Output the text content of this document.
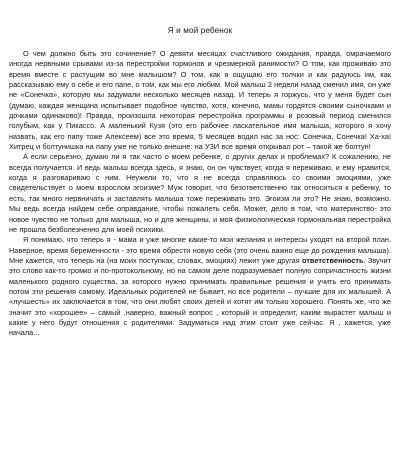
Я и мой ребенок

О чем должно быть это сочинение? О девяти месяцах счастливого ожидания, правда, омрачаемого иногда нервными срывами из-за перестройки гормонов и чрезмерной ранимости? О том, как проживаю это время вместе с растущим во мне малышом? О том, как я ощущаю его толчки и как радуюсь им, как рассказываю ему о себе и его папе, о том, как мы его любим. Мой малыш 2 недели назад сменил имя, он уже не «Сонечка», которую мы задумали несколько месяцев назад. И теперь я горжусь, что у меня будет сын (думаю, каждая женщина испытывает подобное чувство, хотя, конечно, мамы гордятся своими сыночками и дочками одинаково)! Правда, произошла некоторая перестройка программы и розовый период сменился голубым, как у Пикассо. А маленький Кузя (это его рабочее ласкательное имя малыша, которого я хочу назвать, как его папу тоже Алексеем) все это время, 5 месяцев водил нас за нос: Сонечка, Сонечка! Ха-ха! Хитрец и болтунишка на папу уже не только внешне: на УЗИ все время открывал рот – такой же болтун!

А если серьезно, думаю ли я так часто о моем ребенке, о других делах и проблемах? К сожалению, не всегда получается. И ведь малыш всегда здесь, я знаю, он он чувствует, когда я переживаю, и ему нравится, когда я разговариваю с ним. Неужели то, что я не всегда справляюсь со своими эмоциями, уже свидетельствует о моем взрослом эгоизме? Муж говорит, что безответственно так относиться к ребенку, то есть, так много нервничать и заставлять малыша тоже переживать это. Эгоизм ли это? Не знаю, возможно. Мы ведь всегда найдем себе оправдание, чтобы пожалеть себя. Может, дело в том, что материнство- это новое чувство не только для малыша, но и для женщины, и моя физиологическая гормональная перестройка не прошла безболезненно для моей психики.

Я понимаю, что теперь я - мама и уже многие какие-то мои желания и интересы уходят на второй план. Наверное, время беременности - это время обрести новую себя (это очень важно еще до рождения малыша). Мне кажется, что теперь на (на моих поступках, словах, эмоциях) лежит уже другая ответственность. Звучит это слово как-то громко и по-протокольному, но на самом деле подразумевает полную сопричастность жизни маленького родного существа, за которого нужно принимать правильные решения и учить его принимать потом эти решения самому. Идеальных родителей не бывает, но все родители – лучшие для их малышей. А «лучшесть» их заключается в том, что они любят своих детей и хотят им только хорошего. Понять же, что же значит это «хорошее» – самый ,наверно, важный вопрос , который и определит, каким вырастет малыш и какие у него будут отношения с родителями. Задуматься над этим стоит уже сейчас. Я , кажется, уже начала...
